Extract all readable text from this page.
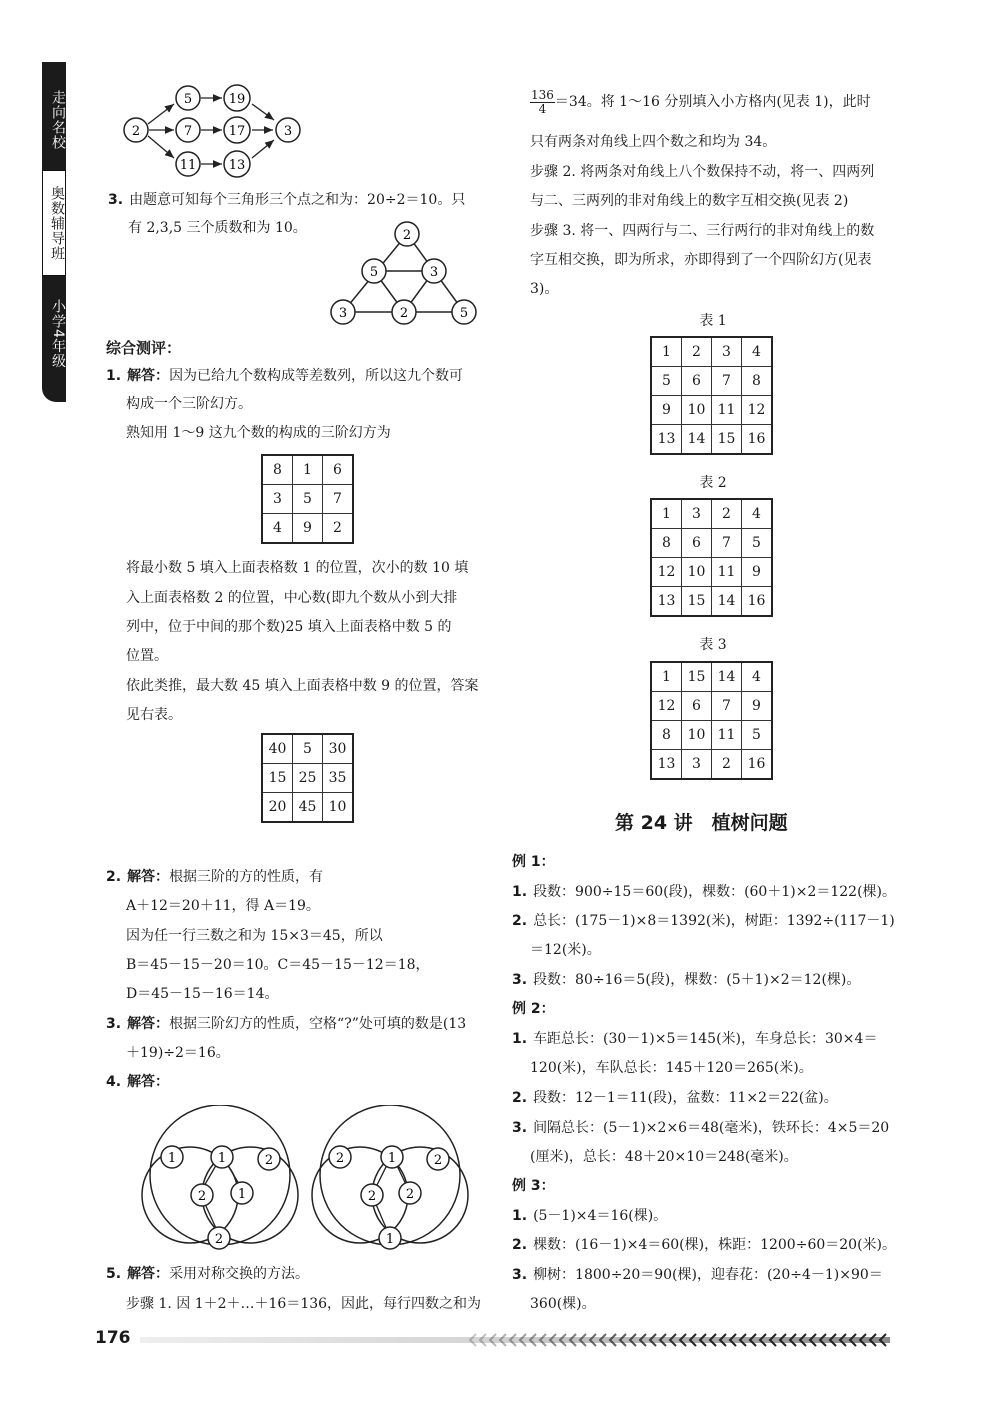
走向名校
奥数辅导班
小学4年级
2
5
7
11
19
17
13
3
3. 由题意可知每个三角形三个点之和为：20÷2＝10。只
有 2,3,5 三个质数和为 10。	2
5	3
3	2	5
综合测评：
1. 解答：因为已给九个数构成等差数列，所以这九个数可
构成一个三阶幻方。
熟知用 1～9 这九个数的构成的三阶幻方为
8	1	6
3	5	7
4	9	2
将最小数 5 填入上面表格数 1 的位置，次小的数 10 填
入上面表格数 2 的位置，中心数(即九个数从小到大排
列中，位于中间的那个数)25 填入上面表格中数 5 的
位置。
依此类推，最大数 45 填入上面表格中数 9 的位置，答案
见右表。
40	5	30
15	25	35
20	45	10
2. 解答：根据三阶的方的性质，有
A＋12＝20＋11，得 A＝19。
因为任一行三数之和为 15×3＝45，所以
B＝45－15－20＝10。C＝45－15－12＝18，
D＝45－15－16＝14。
3. 解答：根据三阶幻方的性质，空格“?”处可填的数是(13
＋19)÷2＝16。
4. 解答：
1	1	2
2 1
2
2	1	2
2 2
1
5. 解答：采用对称交换的方法。
步骤 1. 因 1＋2＋…＋16＝136，因此，每行四数之和为
$\frac{136}{4} =34$。将 1～16 分别填入小方格内(见表 1)，此时
只有两条对角线上四个数之和均为 34。
步骤 2. 将两条对角线上八个数保持不动，将一、四两列
与二、三两列的非对角线上的数字互相交换(见表 2)
步骤 3. 将一、四两行与二、三行两行的非对角线上的数
字互相交换，即为所求，亦即得到了一个四阶幻方(见表
3)。
表 1
1	2	3	4
5	6	7	8
9	10	11	12
13	14	15	16
表 2
1	3	2	4
8	6	7	5
12	10	11	9
13	15	14	16
表 3
1	15	14	4
12	6	7	9
8	10	11	5
13	3	2	16
第 24 讲　植树问题
例 1：
1. 段数：900÷15＝60(段)，棵数：(60＋1)×2＝122(棵)。
2. 总长：(175－1)×8＝1392(米)，树距：1392÷(117－1)
＝12(米)。
3. 段数：80÷16＝5(段)，棵数：(5＋1)×2＝12(棵)。
例 2：
1. 车距总长：(30－1)×5＝145(米)，车身总长：30×4＝
120(米)，车队总长：145＋120＝265(米)。
2. 段数：12－1＝11(段)，盆数：11×2＝22(盆)。
3. 间隔总长：(5－1)×2×6＝48(毫米)，铁环长：4×5＝20
(厘米)，总长：48＋20×10＝248(毫米)。
例 3：
1. (5－1)×4＝16(棵)。
2. 棵数：(16－1)×4＝60(棵)，株距：1200÷60＝20(米)。
3. 柳树：1800÷20＝90(棵)，迎春花：(20÷4－1)×90＝
360(棵)。
176
